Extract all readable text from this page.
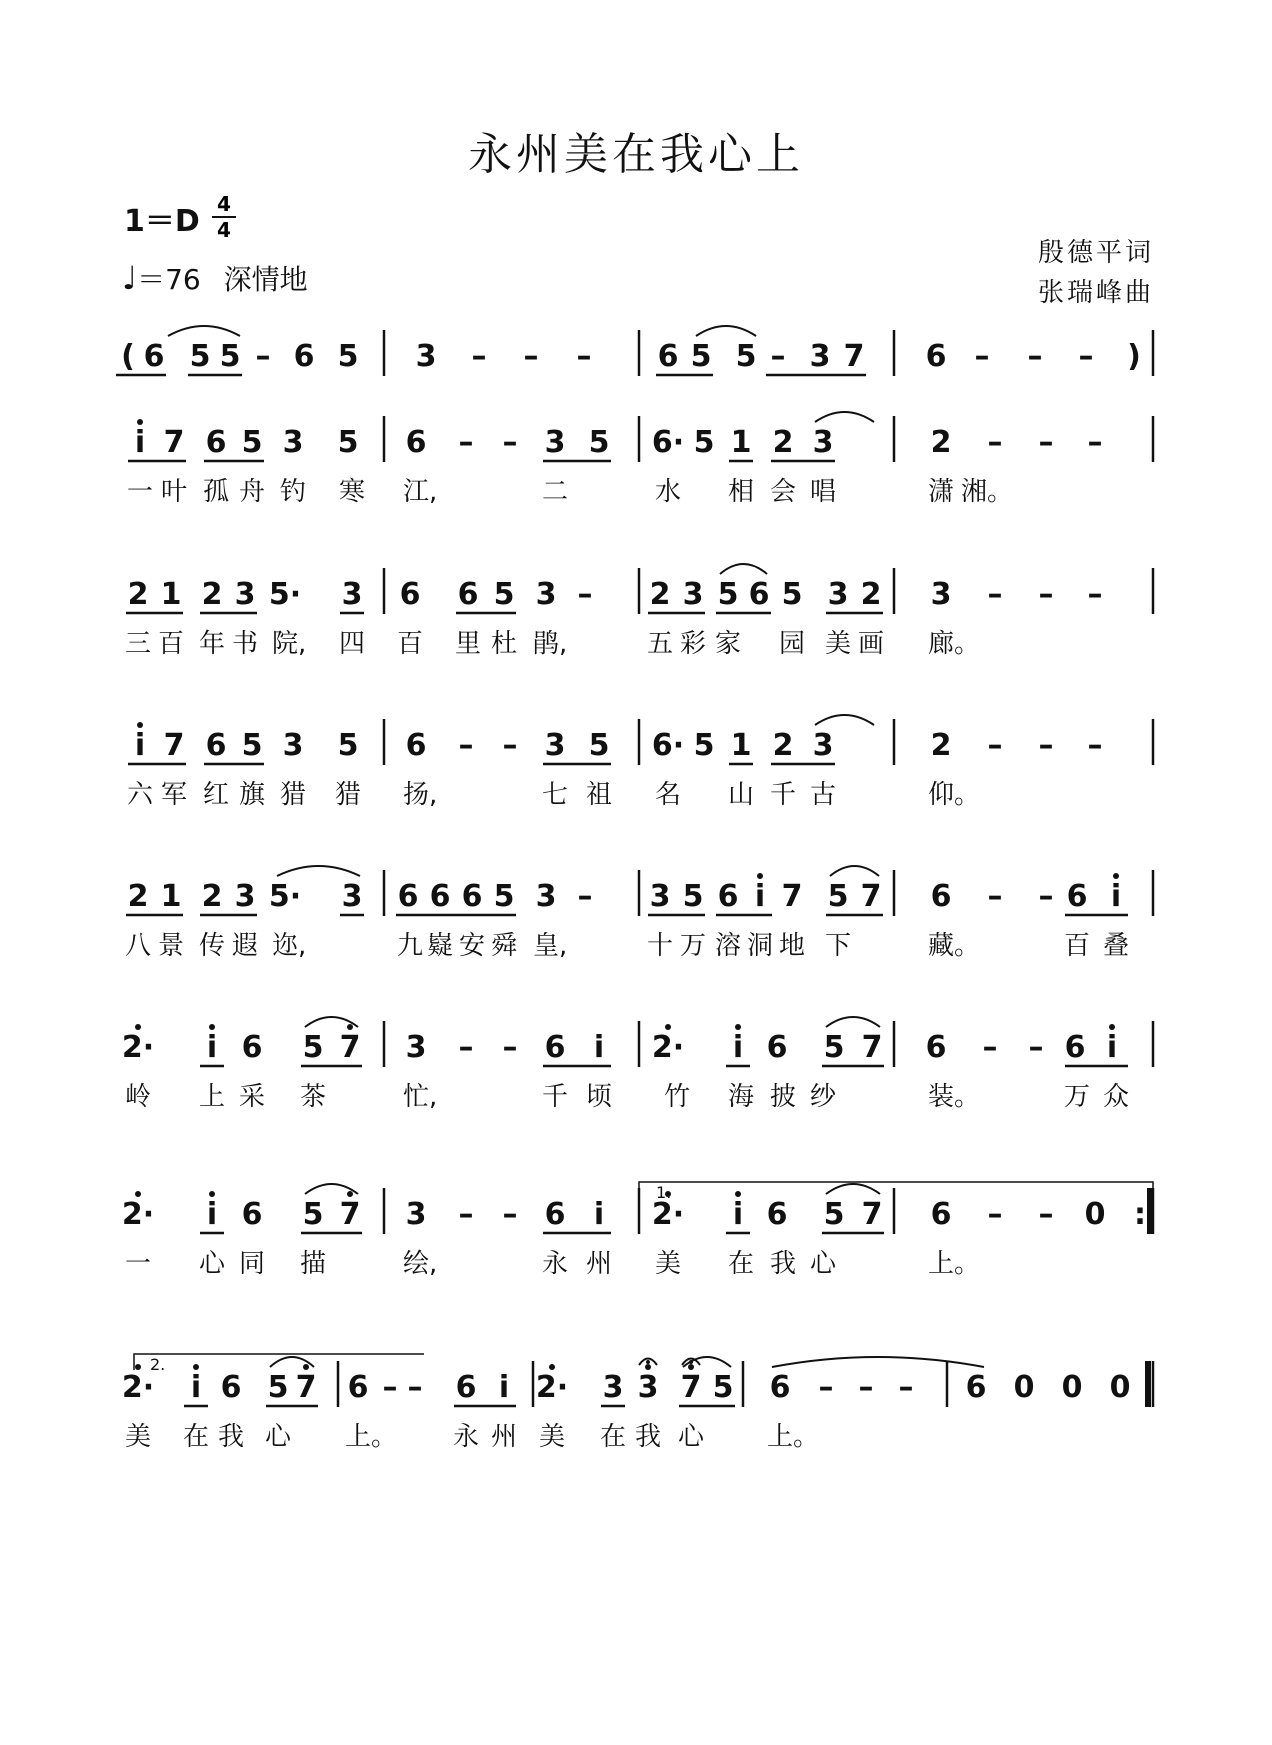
永州美在我心上
1＝D 4
4
♩＝76 深情地
殷德平词
张瑞峰曲
( 6 5 5 – 6 5 3 – – – 6 5 5 – 3 7 6 – – – )
i 7 6 5 3 5 6 – – 3 5 6· 5 1 2 3	2 – – –
一 叶 孤 舟 钓 寒 江,	二	水 相 会 唱	潇 湘。
2 1 2 3 5· 3 6 6 5 3 – 2 3 5 6 5 3 2 3 – – –
三 百 年 书 院, 四 百 里 杜 鹃,	五 彩 家 园 美 画 廊。
i 7 6 5 3 5 6 – – 3 5 6· 5 1 2 3	2 – – –
六 军 红 旗 猎 猎 扬,	七 祖 名 山 千 古	仰。
2 1 2 3 5· 3 6 6 6 5 3 – 3 5 6 i 7 5 7 6 – – 6 i
八 景 传 遐 迩,	九 嶷 安 舜 皇,	十 万 溶 洞 地 下	藏。	百 叠
2· i 6 5 7 3 – – 6 i 2· i 6 5 7 6 – – 6 i
岭 上 采 茶	忙,	千 顷 竹 海 披 纱	装。	万 众
2· i 6 5 7 3 – – 6 i 2· i 6 5 7 6 – – 0 :
一 心 同 描	绘,	永 州 美 在 我 心	上。
2· i 6 5 7 6 – – 6 i 2· 3 3 7 5 6 – – – 6 0 0 0
美 在 我 心 上。 永 州 美 在 我 心 上。
1.
2.
